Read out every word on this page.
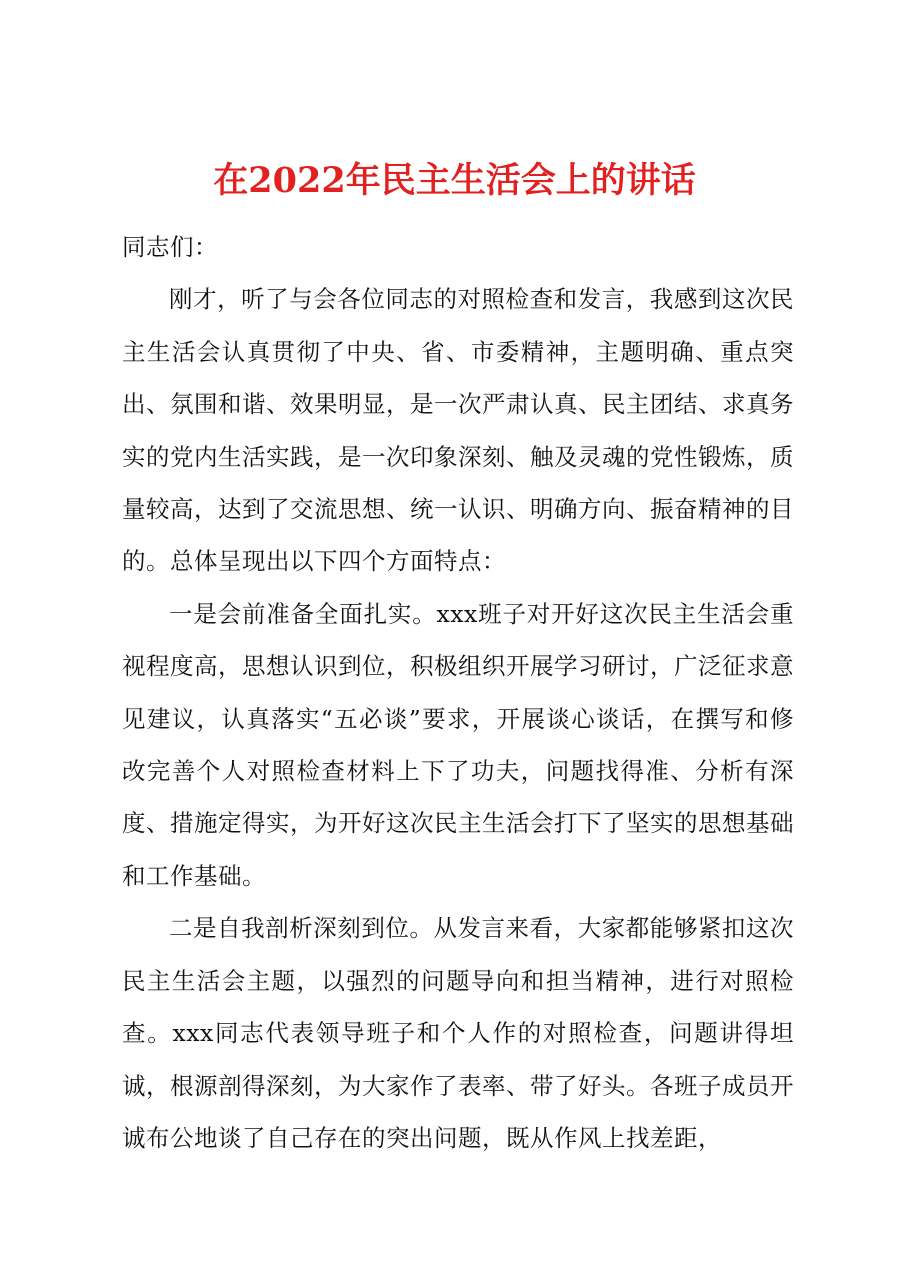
在2022年民主生活会上的讲话

同志们：

刚才，听了与会各位同志的对照检查和发言，我感到这次民主生活会认真贯彻了中央、省、市委精神，主题明确、重点突出、氛围和谐、效果明显，是一次严肃认真、民主团结、求真务实的党内生活实践，是一次印象深刻、触及灵魂的党性锻炼，质量较高，达到了交流思想、统一认识、明确方向、振奋精神的目的。总体呈现出以下四个方面特点：

一是会前准备全面扎实。xxx班子对开好这次民主生活会重视程度高，思想认识到位，积极组织开展学习研讨，广泛征求意见建议，认真落实“五必谈”要求，开展谈心谈话，在撰写和修改完善个人对照检查材料上下了功夫，问题找得准、分析有深度、措施定得实，为开好这次民主生活会打下了坚实的思想基础和工作基础。

二是自我剖析深刻到位。从发言来看，大家都能够紧扣这次民主生活会主题，以强烈的问题导向和担当精神，进行对照检查。xxx同志代表领导班子和个人作的对照检查，问题讲得坦诚，根源剖得深刻，为大家作了表率、带了好头。各班子成员开诚布公地谈了自己存在的突出问题，既从作风上找差距，
